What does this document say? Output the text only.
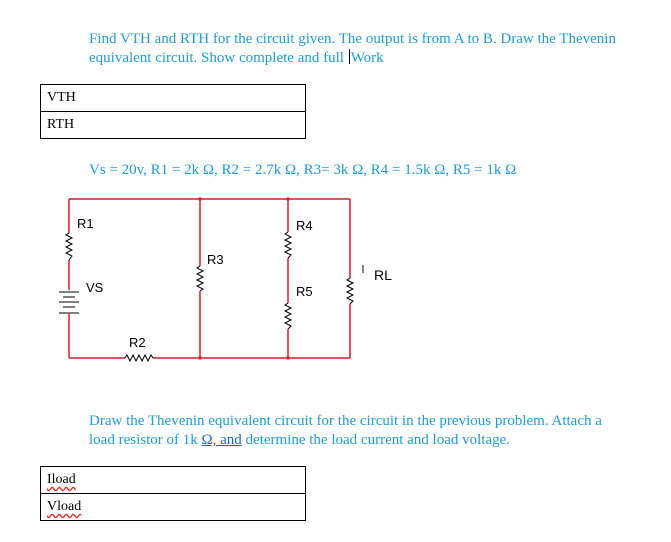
Find VTH and RTH for the circuit given. The output is from A to B. Draw the Thevenin
equivalent circuit. Show complete and full Work
VTH
RTH
Vs = 20v, R1 = 2k Ω, R2 = 2.7k Ω, R3= 3k Ω, R4 = 1.5k Ω, R5 = 1k Ω
R1
VS
R2
R3
R4
R5
RL
Draw the Thevenin equivalent circuit for the circuit in the previous problem. Attach a
load resistor of 1k Ω, and determine the load current and load voltage.
Iload
Vload
